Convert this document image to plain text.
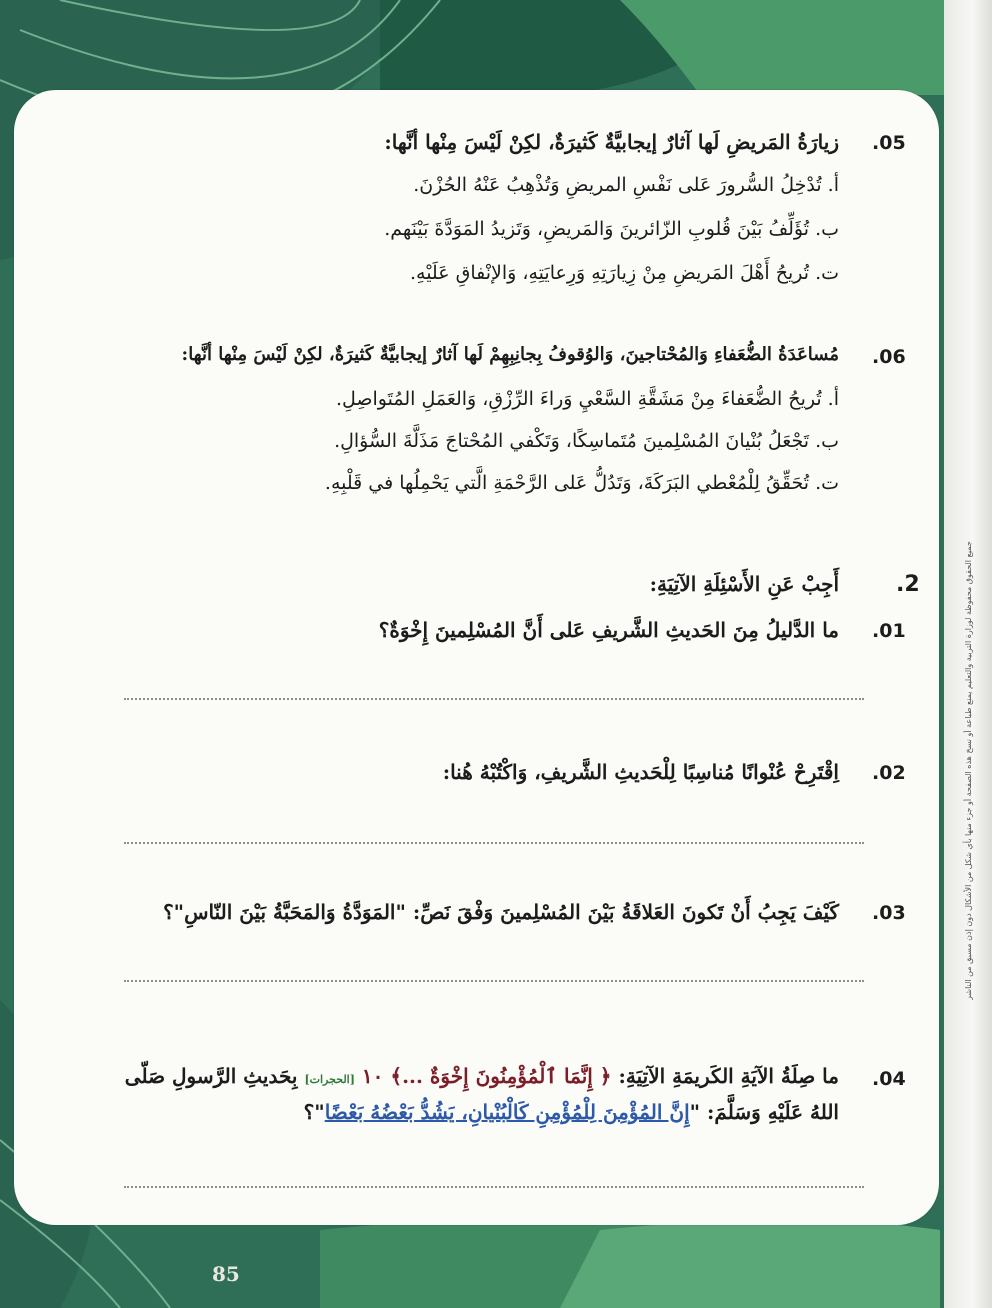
جميع الحقوق محفوظة لوزارة التربية والتعليم يمنع طباعة أو نسخ هذه الصفحة أو جزء منها بأي شكل من الأشكال دون إذن مسبق من الناشر
.05
زيارَةُ المَريضِ لَها آثارٌ إيجابيَّةٌ كَثيرَةٌ، لكِنْ لَيْسَ مِنْها أنَّها:
أ. تُدْخِلُ السُّرورَ عَلى نَفْسِ المريضِ وَتُذْهِبُ عَنْهُ الحُزْنَ.
ب. تُؤَلِّفُ بَيْنَ قُلوبِ الزّائرينَ وَالمَريضِ، وَتَزيدُ المَوَدَّةَ بَيْنَهم.
ت. تُريحُ أَهْلَ المَريضِ مِنْ زِيارَتِهِ وَرِعايَتِهِ، وَالإنْفاقِ عَلَيْهِ.
.06
مُساعَدَةُ الضُّعَفاءِ وَالمُحْتاجينَ، وَالوُقوفُ بِجانِبِهِمْ لَها آثارٌ إيجابيَّةٌ كَثيرَةٌ، لكِنْ لَيْسَ مِنْها أنَّها:
أ. تُريحُ الضُّعَفاءَ مِنْ مَشَقَّةِ السَّعْيِ وَراءَ الرِّزْقِ، وَالعَمَلِ المُتَواصِلِ.
ب. تَجْعَلُ بُنْيانَ المُسْلِمينَ مُتَماسِكًا، وَتَكْفي المُحْتاجَ مَذَلَّةَ السُّؤالِ.
ت. تُحَقِّقُ لِلْمُعْطي البَرَكَةَ، وَتَدُلُّ عَلى الرَّحْمَةِ الَّتي يَحْمِلُها في قَلْبِهِ.
.2
أَجِبْ عَنِ الأَسْئِلَةِ الآتِيَةِ:
.01
ما الدَّليلُ مِنَ الحَديثِ الشَّريفِ عَلى أَنَّ المُسْلِمينَ إِخْوَةٌ؟
.02
اِقْتَرِحْ عُنْوانًا مُناسِبًا لِلْحَديثِ الشَّريفِ، وَاكْتُبْهُ هُنا:
.03
كَيْفَ يَجِبُ أَنْ تَكونَ العَلاقَةُ بَيْنَ المُسْلِمينَ وَفْقَ نَصِّ: "المَوَدَّةُ وَالمَحَبَّةُ بَيْنَ النّاسِ"؟
.04
ما صِلَةُ الآيَةِ الكَريمَةِ الآتِيَةِ: ﴿ إِنَّمَا ٱلْمُؤْمِنُونَ إِخْوَةٌ ...﴾ ١٠ [الحجرات] بِحَديثِ الرَّسولِ صَلّى
اللهُ عَلَيْهِ وَسَلَّمَ: "إِنَّ المُؤْمِنَ لِلْمُؤْمِنِ كَالْبُنْيانِ، يَشُدُّ بَعْضُهُ بَعْضًا"؟
85
